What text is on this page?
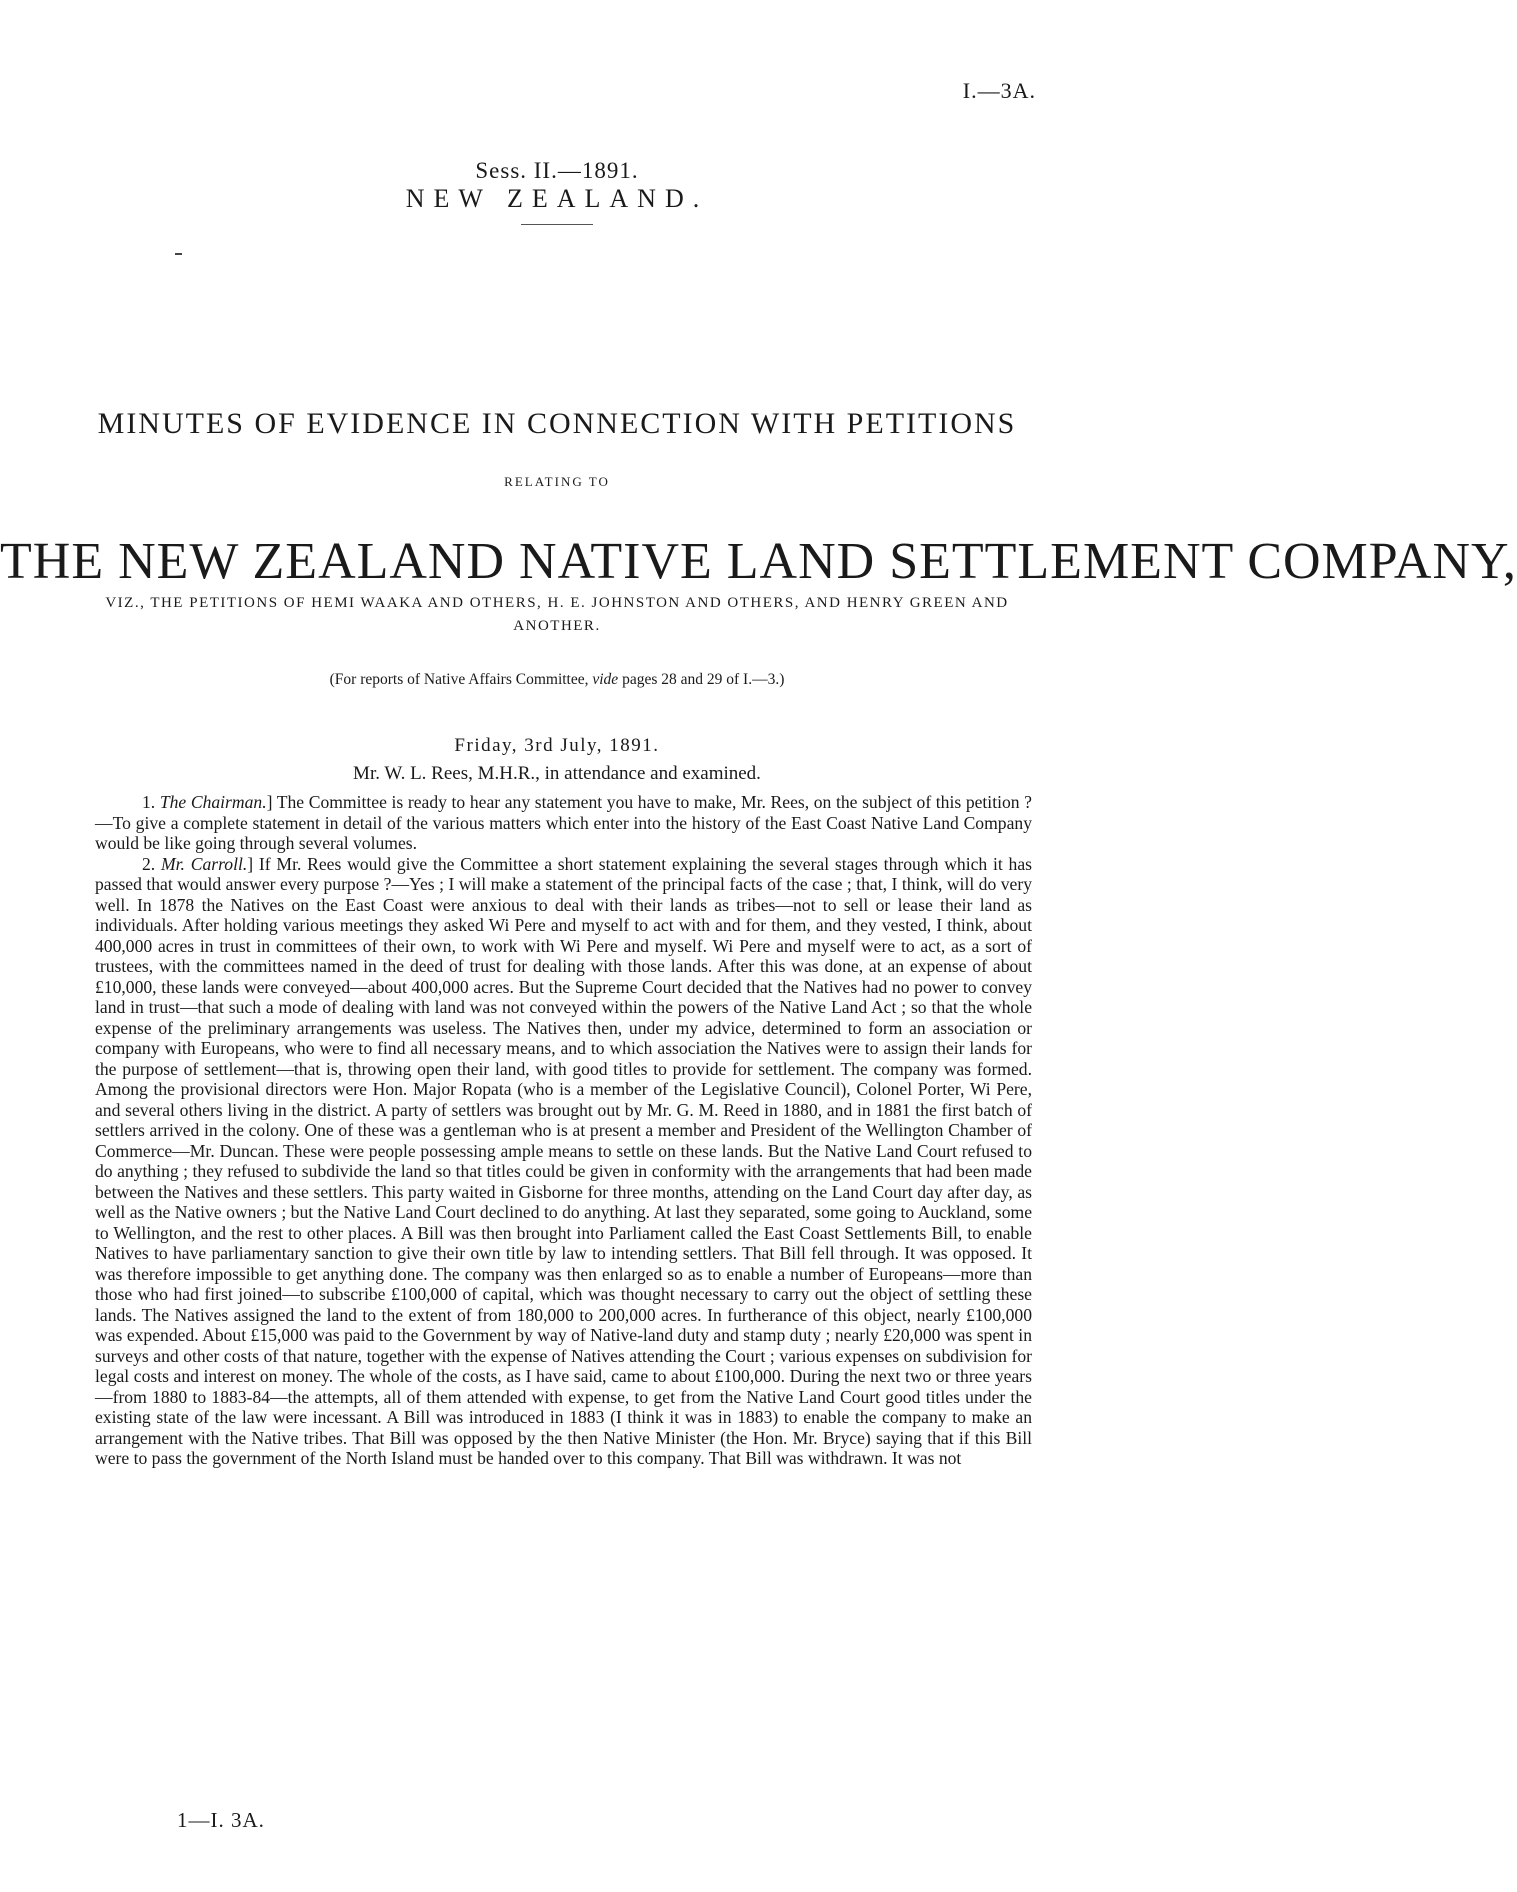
I.—3A.
Sess. II.—1891.
NEW ZEALAND.
MINUTES OF EVIDENCE IN CONNECTION WITH PETITIONS
RELATING TO
THE NEW ZEALAND NATIVE LAND SETTLEMENT COMPANY,
VIZ., THE PETITIONS OF HEMI WAAKA AND OTHERS, H. E. JOHNSTON AND OTHERS, AND HENRY GREEN AND ANOTHER.
(For reports of Native Affairs Committee, vide pages 28 and 29 of I.—3.)
Friday, 3rd July, 1891.
Mr. W. L. Rees, M.H.R., in attendance and examined.

1. The Chairman.] The Committee is ready to hear any statement you have to make, Mr. Rees, on the subject of this petition ?—To give a complete statement in detail of the various matters which enter into the history of the East Coast Native Land Company would be like going through several volumes.

2. Mr. Carroll.] If Mr. Rees would give the Committee a short statement explaining the several stages through which it has passed that would answer every purpose ?—Yes ; I will make a statement of the principal facts of the case ; that, I think, will do very well. In 1878 the Natives on the East Coast were anxious to deal with their lands as tribes—not to sell or lease their land as individuals. After holding various meetings they asked Wi Pere and myself to act with and for them, and they vested, I think, about 400,000 acres in trust in committees of their own, to work with Wi Pere and myself. Wi Pere and myself were to act, as a sort of trustees, with the committees named in the deed of trust for dealing with those lands. After this was done, at an expense of about £10,000, these lands were conveyed—about 400,000 acres. But the Supreme Court decided that the Natives had no power to convey land in trust—that such a mode of dealing with land was not conveyed within the powers of the Native Land Act ; so that the whole expense of the preliminary arrangements was useless. The Natives then, under my advice, determined to form an association or company with Europeans, who were to find all necessary means, and to which association the Natives were to assign their lands for the purpose of settlement—that is, throwing open their land, with good titles to provide for settlement. The company was formed. Among the provisional directors were Hon. Major Ropata (who is a member of the Legislative Council), Colonel Porter, Wi Pere, and several others living in the district. A party of settlers was brought out by Mr. G. M. Reed in 1880, and in 1881 the first batch of settlers arrived in the colony. One of these was a gentleman who is at present a member and President of the Wellington Chamber of Commerce—Mr. Duncan. These were people possessing ample means to settle on these lands. But the Native Land Court refused to do anything ; they refused to subdivide the land so that titles could be given in conformity with the arrangements that had been made between the Natives and these settlers. This party waited in Gisborne for three months, attending on the Land Court day after day, as well as the Native owners ; but the Native Land Court declined to do anything. At last they separated, some going to Auckland, some to Wellington, and the rest to other places. A Bill was then brought into Parliament called the East Coast Settlements Bill, to enable Natives to have parliamentary sanction to give their own title by law to intending settlers. That Bill fell through. It was opposed. It was therefore impossible to get anything done. The company was then enlarged so as to enable a number of Europeans—more than those who had first joined—to subscribe £100,000 of capital, which was thought necessary to carry out the object of settling these lands. The Natives assigned the land to the extent of from 180,000 to 200,000 acres. In furtherance of this object, nearly £100,000 was expended. About £15,000 was paid to the Government by way of Native-land duty and stamp duty ; nearly £20,000 was spent in surveys and other costs of that nature, together with the expense of Natives attending the Court ; various expenses on subdivision for legal costs and interest on money. The whole of the costs, as I have said, came to about £100,000. During the next two or three years—from 1880 to 1883-84—the attempts, all of them attended with expense, to get from the Native Land Court good titles under the existing state of the law were incessant. A Bill was introduced in 1883 (I think it was in 1883) to enable the company to make an arrangement with the Native tribes. That Bill was opposed by the then Native Minister (the Hon. Mr. Bryce) saying that if this Bill were to pass the government of the North Island must be handed over to this company. That Bill was withdrawn. It was not

1—I. 3A.
